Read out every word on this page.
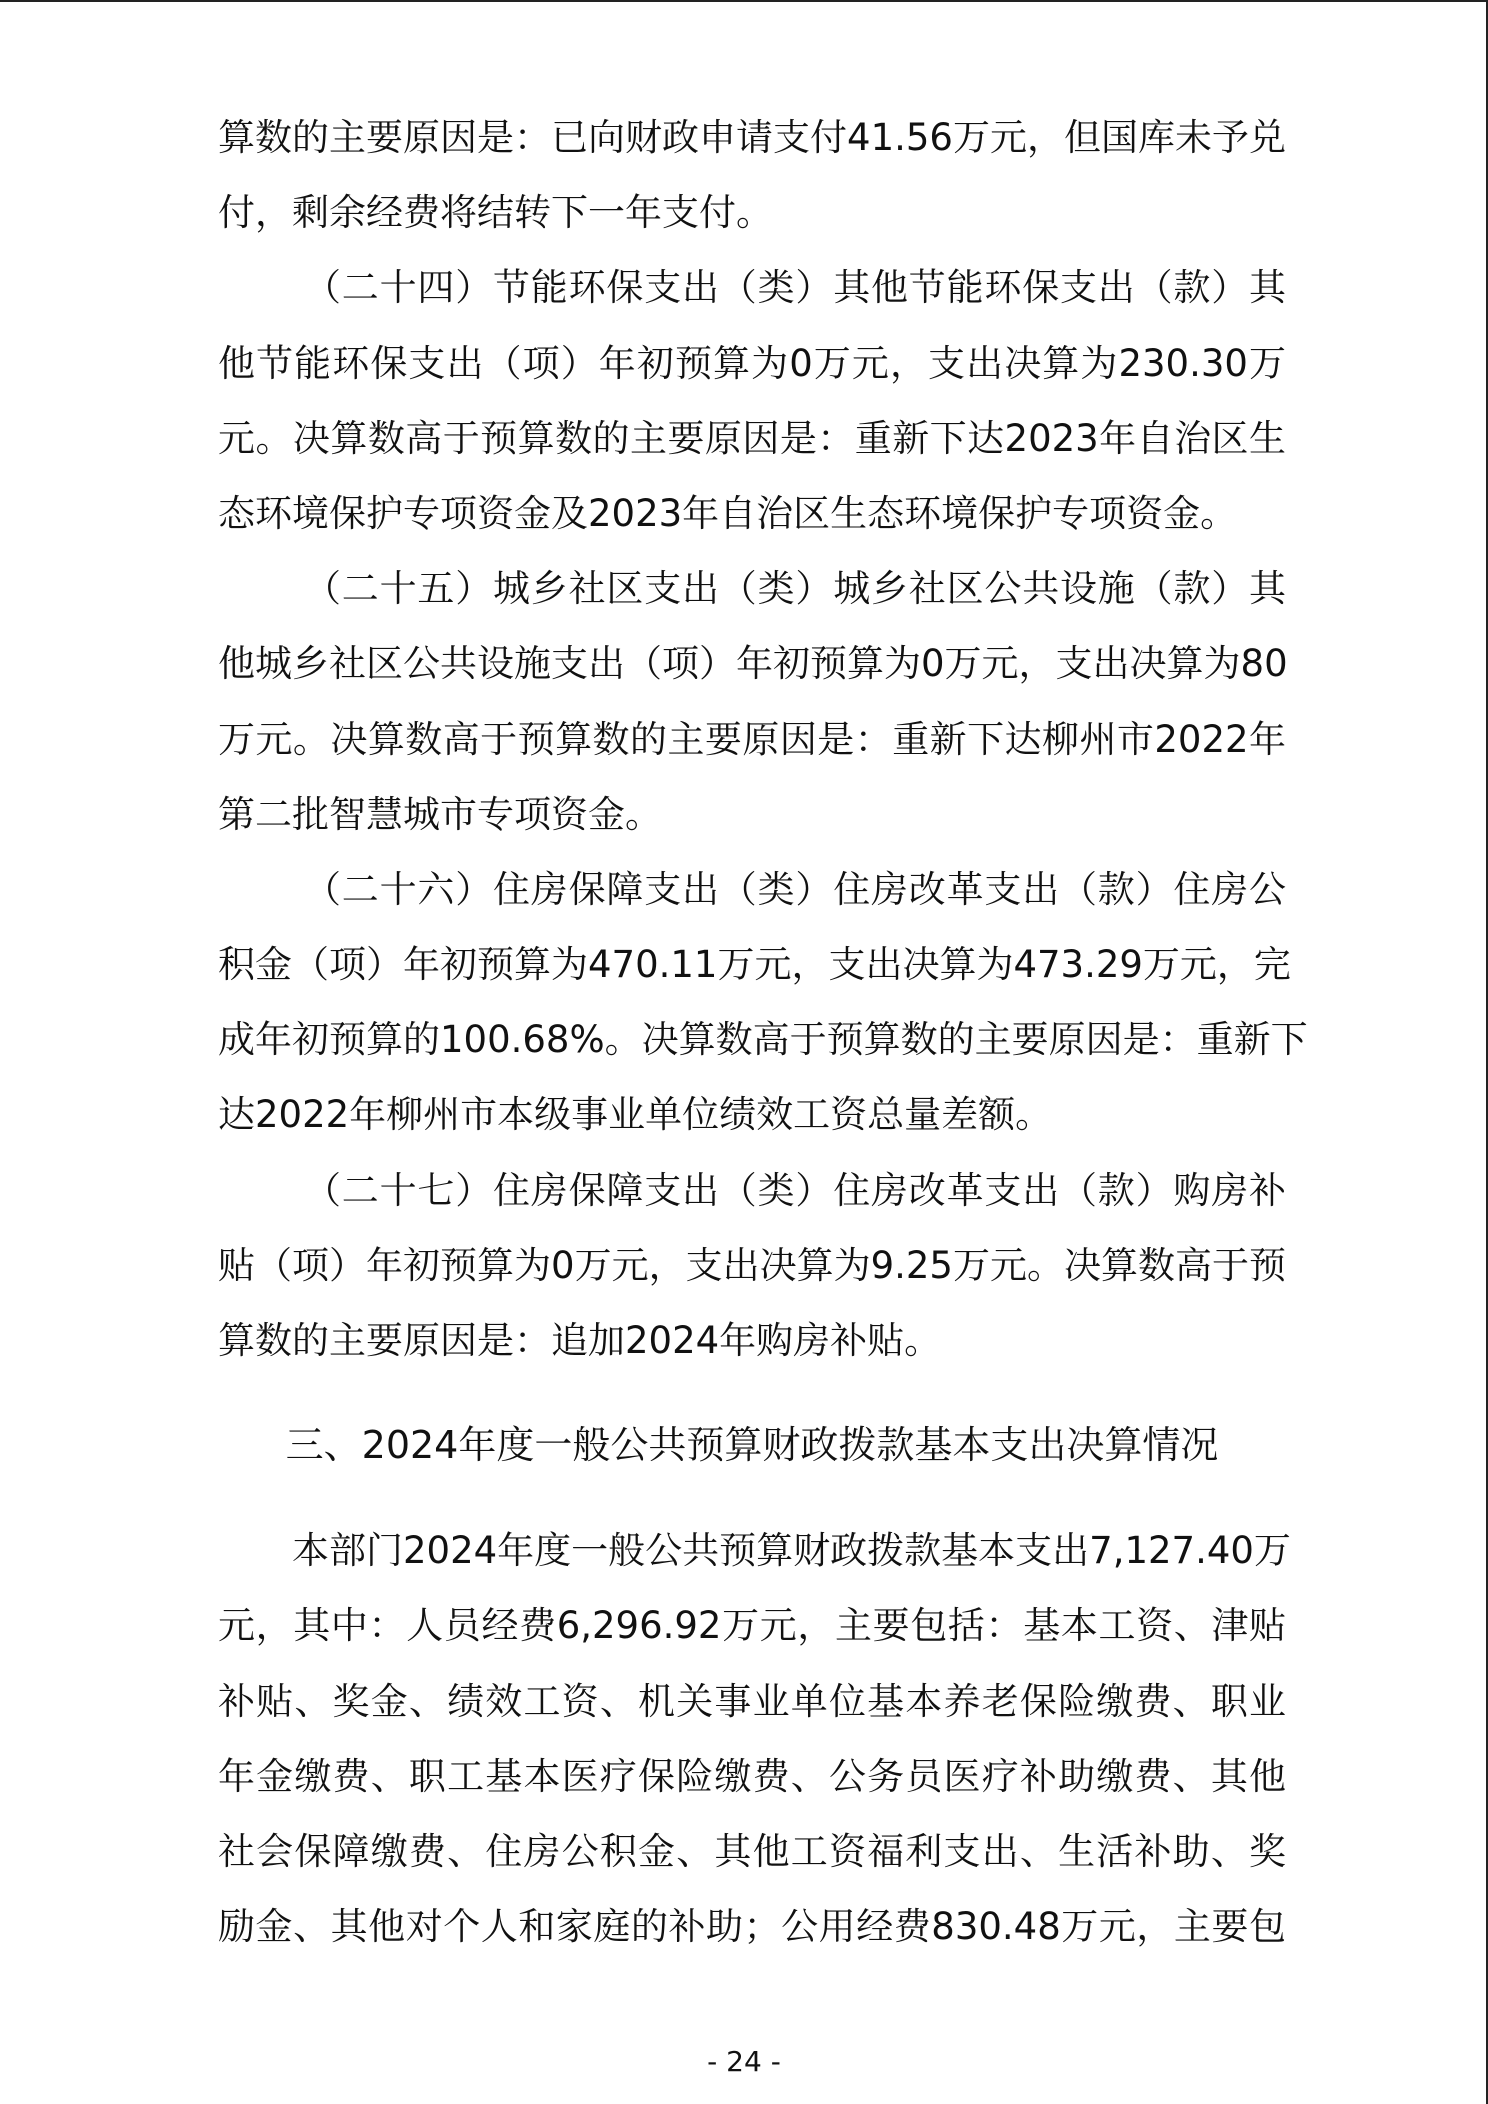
算数的主要原因是：已向财政申请支付41.56万元，但国库未予兑
付，剩余经费将结转下一年支付。
（二十四）节能环保支出（类）其他节能环保支出（款）其
他节能环保支出（项）年初预算为0万元，支出决算为230.30万
元。决算数高于预算数的主要原因是：重新下达2023年自治区生
态环境保护专项资金及2023年自治区生态环境保护专项资金。
（二十五）城乡社区支出（类）城乡社区公共设施（款）其
他城乡社区公共设施支出（项）年初预算为0万元，支出决算为80
万元。决算数高于预算数的主要原因是：重新下达柳州市2022年
第二批智慧城市专项资金。
（二十六）住房保障支出（类）住房改革支出（款）住房公
积金（项）年初预算为470.11万元，支出决算为473.29万元，完
成年初预算的100.68%。决算数高于预算数的主要原因是：重新下
达2022年柳州市本级事业单位绩效工资总量差额。
（二十七）住房保障支出（类）住房改革支出（款）购房补
贴（项）年初预算为0万元，支出决算为9.25万元。决算数高于预
算数的主要原因是：追加2024年购房补贴。
三、2024年度一般公共预算财政拨款基本支出决算情况
本部门2024年度一般公共预算财政拨款基本支出7,127.40万
元，其中：人员经费6,296.92万元，主要包括：基本工资、津贴
补贴、奖金、绩效工资、机关事业单位基本养老保险缴费、职业
年金缴费、职工基本医疗保险缴费、公务员医疗补助缴费、其他
社会保障缴费、住房公积金、其他工资福利支出、生活补助、奖
励金、其他对个人和家庭的补助；公用经费830.48万元，主要包
- 24 -
